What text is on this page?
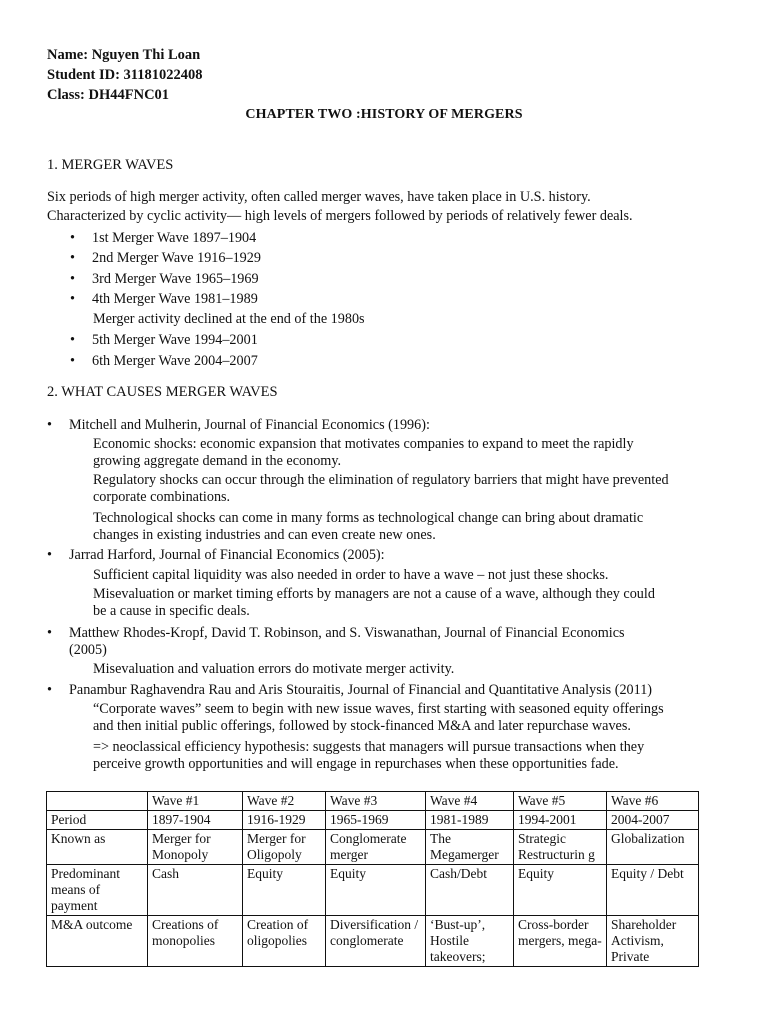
Name: Nguyen Thi Loan
Student ID: 31181022408
Class: DH44FNC01
CHAPTER TWO :HISTORY OF MERGERS
1. MERGER WAVES
Six periods of high merger activity, often called merger waves, have taken place in U.S. history.
Characterized by cyclic activity— high levels of mergers followed by periods of relatively fewer deals.
• 1st Merger Wave 1897–1904
• 2nd Merger Wave 1916–1929
• 3rd Merger Wave 1965–1969
• 4th Merger Wave 1981–1989
Merger activity declined at the end of the 1980s
• 5th Merger Wave 1994–2001
• 6th Merger Wave 2004–2007
2. WHAT CAUSES MERGER WAVES
• Mitchell and Mulherin, Journal of Financial Economics (1996):
Economic shocks: economic expansion that motivates companies to expand to meet the rapidly
growing aggregate demand in the economy.
Regulatory shocks can occur through the elimination of regulatory barriers that might have prevented
corporate combinations.
Technological shocks can come in many forms as technological change can bring about dramatic
changes in existing industries and can even create new ones.
• Jarrad Harford, Journal of Financial Economics (2005):
Sufficient capital liquidity was also needed in order to have a wave – not just these shocks.
Misevaluation or market timing efforts by managers are not a cause of a wave, although they could
be a cause in specific deals.
• Matthew Rhodes-Kropf, David T. Robinson, and S. Viswanathan, Journal of Financial Economics
(2005)
Misevaluation and valuation errors do motivate merger activity.
• Panambur Raghavendra Rau and Aris Stouraitis, Journal of Financial and Quantitative Analysis (2011)
“Corporate waves” seem to begin with new issue waves, first starting with seasoned equity offerings
and then initial public offerings, followed by stock-financed M&A and later repurchase waves.
=> neoclassical efficiency hypothesis: suggests that managers will pursue transactions when they
perceive growth opportunities and will engage in repurchases when these opportunities fade.
	Wave #1	Wave #2	Wave #3	Wave #4	Wave #5	Wave #6
Period	1897-1904	1916-1929	1965-1969	1981-1989	1994-2001	2004-2007
Known as	Merger for Monopoly	Merger for Oligopoly	Conglomerate merger	The Megamerger	Strategic Restructurin g	Globalization
Predominant means of payment	Cash	Equity	Equity	Cash/Debt	Equity	Equity / Debt
M&A outcome	Creations of monopolies	Creation of oligopolies	Diversification / conglomerate	‘Bust-up’, Hostile takeovers;	Cross-border mergers, mega-	Shareholder Activism, Private
